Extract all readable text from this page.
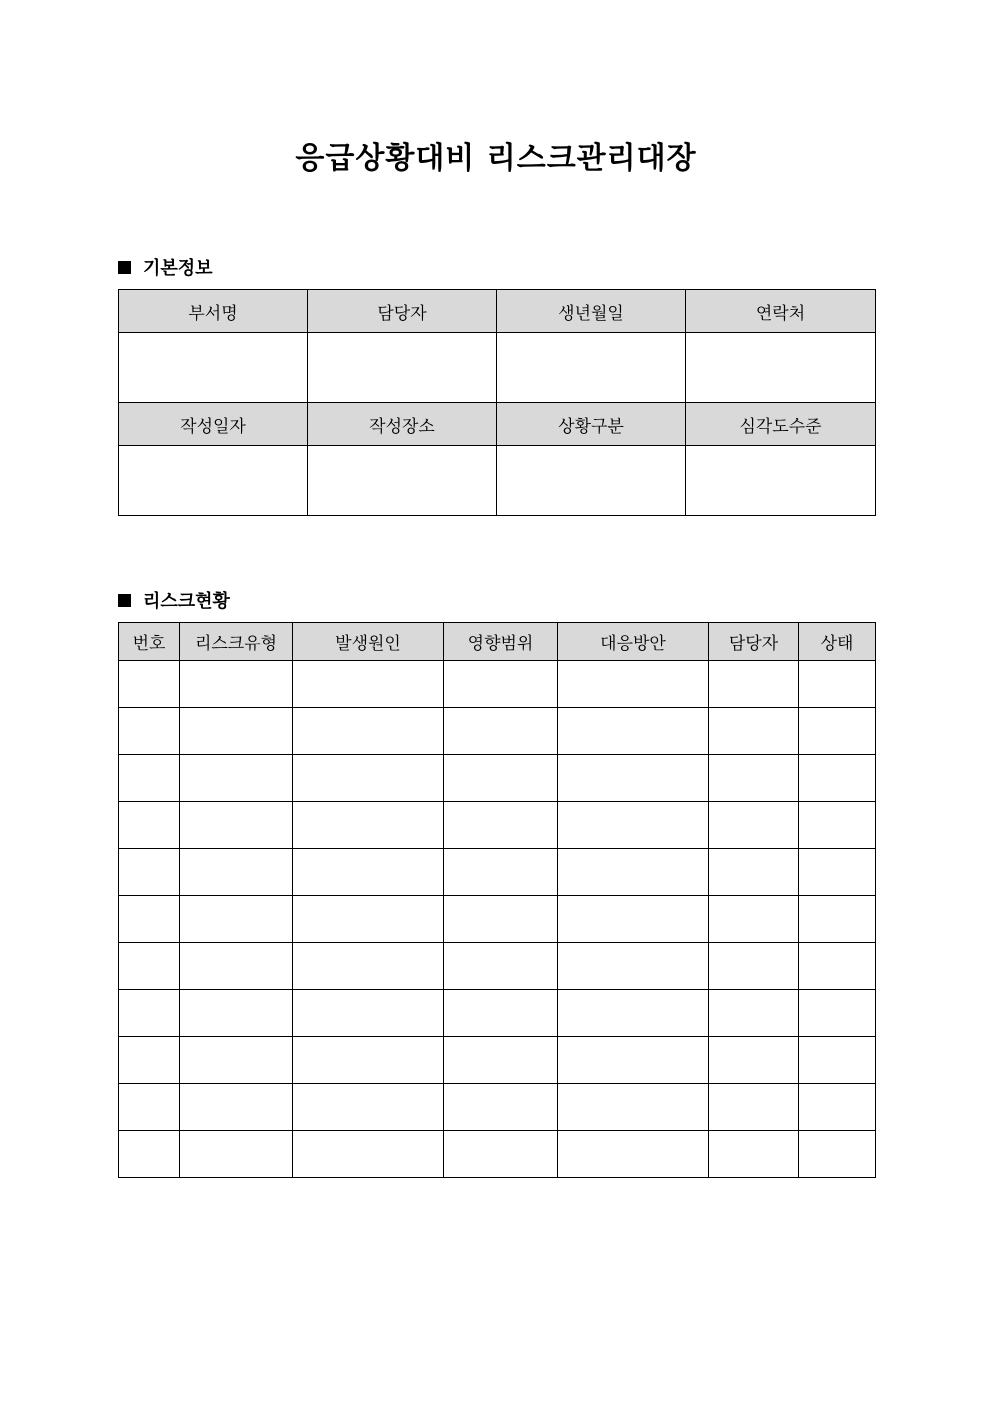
응급상황대비 리스크관리대장
기본정보
부서명	담당자	생년월일	연락처

작성일자	작성장소	상황구분	심각도수준

리스크현황
번호	리스크유형	발생원인	영향범위	대응방안	담당자	상태
